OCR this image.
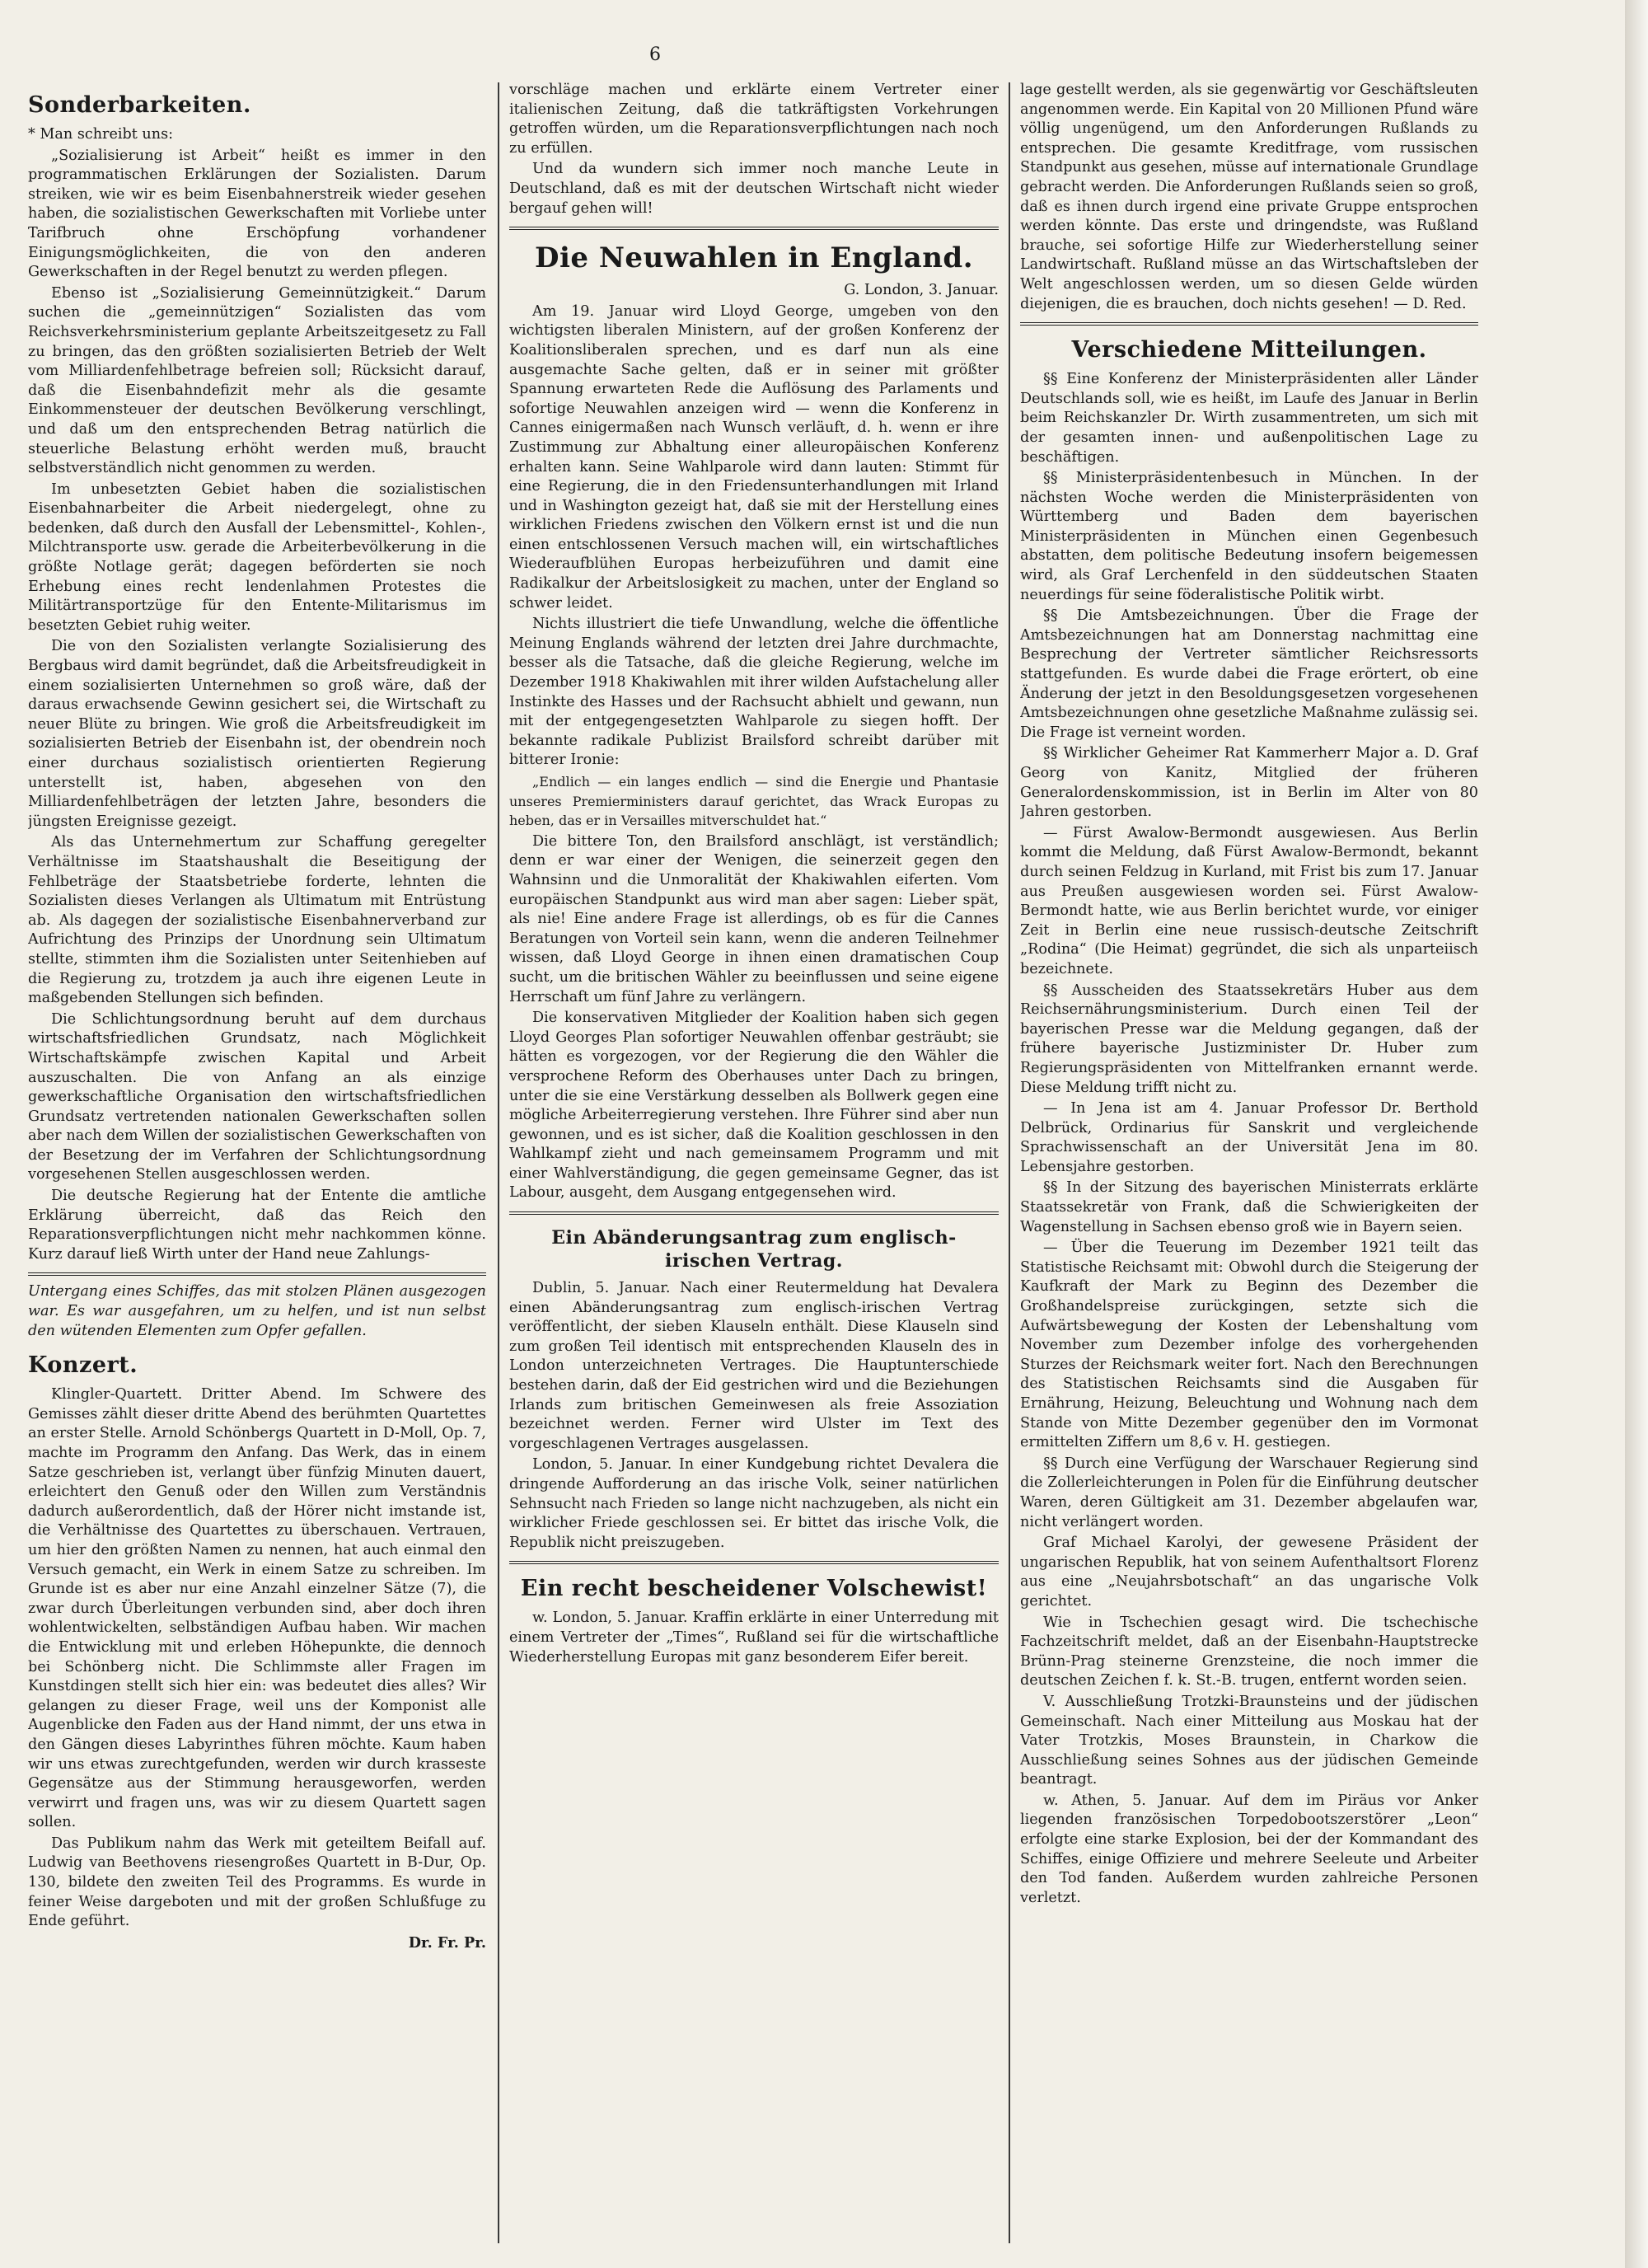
6
Sonderbarkeiten.

* Man schreibt uns:

„Sozialisierung ist Arbeit“ heißt es immer in den programmatischen Erklärungen der Sozialisten. Darum streiken, wie wir es beim Eisenbahnerstreik wieder gesehen haben, die sozialistischen Gewerkschaften mit Vorliebe unter Tarifbruch ohne Erschöpfung vorhandener Einigungsmöglichkeiten, die von den anderen Gewerkschaften in der Regel benutzt zu werden pflegen.

Ebenso ist „Sozialisierung Gemeinnützigkeit.“ Darum suchen die „gemeinnützigen“ Sozialisten das vom Reichsverkehrsministerium geplante Arbeitszeitgesetz zu Fall zu bringen, das den größten sozialisierten Betrieb der Welt vom Milliardenfehlbetrage befreien soll; Rücksicht darauf, daß die Eisenbahndefizit mehr als die gesamte Einkommensteuer der deutschen Bevölkerung verschlingt, und daß um den entsprechenden Betrag natürlich die steuerliche Belastung erhöht werden muß, braucht selbstverständlich nicht genommen zu werden.

Im unbesetzten Gebiet haben die sozialistischen Eisenbahnarbeiter die Arbeit niedergelegt, ohne zu bedenken, daß durch den Ausfall der Lebensmittel-, Kohlen-, Milchtransporte usw. gerade die Arbeiterbevölkerung in die größte Notlage gerät; dagegen beförderten sie noch Erhebung eines recht lendenlahmen Protestes die Militärtransportzüge für den Entente-Militarismus im besetzten Gebiet ruhig weiter.

Die von den Sozialisten verlangte Sozialisierung des Bergbaus wird damit begründet, daß die Arbeitsfreudigkeit in einem sozialisierten Unternehmen so groß wäre, daß der daraus erwachsende Gewinn gesichert sei, die Wirtschaft zu neuer Blüte zu bringen. Wie groß die Arbeitsfreudigkeit im sozialisierten Betrieb der Eisenbahn ist, der obendrein noch einer durchaus sozialistisch orientierten Regierung unterstellt ist, haben, abgesehen von den Milliardenfehlbeträgen der letzten Jahre, besonders die jüngsten Ereignisse gezeigt.

Als das Unternehmertum zur Schaffung geregelter Verhältnisse im Staatshaushalt die Beseitigung der Fehlbeträge der Staatsbetriebe forderte, lehnten die Sozialisten dieses Verlangen als Ultimatum mit Entrüstung ab. Als dagegen der sozialistische Eisenbahnerverband zur Aufrichtung des Prinzips der Unordnung sein Ultimatum stellte, stimmten ihm die Sozialisten unter Seitenhieben auf die Regierung zu, trotzdem ja auch ihre eigenen Leute in maßgebenden Stellungen sich befinden.

Die Schlichtungsordnung beruht auf dem durchaus wirtschaftsfriedlichen Grundsatz, nach Möglichkeit Wirtschaftskämpfe zwischen Kapital und Arbeit auszuschalten. Die von Anfang an als einzige gewerkschaftliche Organisation den wirtschaftsfriedlichen Grundsatz vertretenden nationalen Gewerkschaften sollen aber nach dem Willen der sozialistischen Gewerkschaften von der Besetzung der im Verfahren der Schlichtungsordnung vorgesehenen Stellen ausgeschlossen werden.

Die deutsche Regierung hat der Entente die amtliche Erklärung überreicht, daß das Reich den Reparationsverpflichtungen nicht mehr nachkommen könne. Kurz darauf ließ Wirth unter der Hand neue Zahlungs-

Untergang eines Schiffes, das mit stolzen Plänen ausgezogen war. Es war ausgefahren, um zu helfen, und ist nun selbst den wütenden Elementen zum Opfer gefallen.

Konzert.

Klingler-Quartett. Dritter Abend. Im Schwere des Gemisses zählt dieser dritte Abend des berühmten Quartettes an erster Stelle. Arnold Schönbergs Quartett in D-Moll, Op. 7, machte im Programm den Anfang. Das Werk, das in einem Satze geschrieben ist, verlangt über fünfzig Minuten dauert, erleichtert den Genuß oder den Willen zum Verständnis dadurch außerordentlich, daß der Hörer nicht imstande ist, die Verhältnisse des Quartettes zu überschauen. Vertrauen, um hier den größten Namen zu nennen, hat auch einmal den Versuch gemacht, ein Werk in einem Satze zu schreiben. Im Grunde ist es aber nur eine Anzahl einzelner Sätze (7), die zwar durch Überleitungen verbunden sind, aber doch ihren wohlentwickelten, selbständigen Aufbau haben. Wir machen die Entwicklung mit und erleben Höhepunkte, die dennoch bei Schönberg nicht. Die Schlimmste aller Fragen im Kunstdingen stellt sich hier ein: was bedeutet dies alles? Wir gelangen zu dieser Frage, weil uns der Komponist alle Augenblicke den Faden aus der Hand nimmt, der uns etwa in den Gängen dieses Labyrinthes führen möchte. Kaum haben wir uns etwas zurechtgefunden, werden wir durch krasseste Gegensätze aus der Stimmung herausgeworfen, werden verwirrt und fragen uns, was wir zu diesem Quartett sagen sollen.

Das Publikum nahm das Werk mit geteiltem Beifall auf. Ludwig van Beethovens riesengroßes Quartett in B-Dur, Op. 130, bildete den zweiten Teil des Programms. Es wurde in feiner Weise dargeboten und mit der großen Schlußfuge zu Ende geführt.

Dr. Fr. Pr.

vorschläge machen und erklärte einem Vertreter einer italienischen Zeitung, daß die tatkräftigsten Vorkehrungen getroffen würden, um die Reparationsverpflichtungen nach noch zu erfüllen.

Und da wundern sich immer noch manche Leute in Deutschland, daß es mit der deutschen Wirtschaft nicht wieder bergauf gehen will!

Die Neuwahlen in England.

G. London, 3. Januar.

Am 19. Januar wird Lloyd George, umgeben von den wichtigsten liberalen Ministern, auf der großen Konferenz der Koalitionsliberalen sprechen, und es darf nun als eine ausgemachte Sache gelten, daß er in seiner mit größter Spannung erwarteten Rede die Auflösung des Parlaments und sofortige Neuwahlen anzeigen wird — wenn die Konferenz in Cannes einigermaßen nach Wunsch verläuft, d. h. wenn er ihre Zustimmung zur Abhaltung einer alleuropäischen Konferenz erhalten kann. Seine Wahlparole wird dann lauten: Stimmt für eine Regierung, die in den Friedensunterhandlungen mit Irland und in Washington gezeigt hat, daß sie mit der Herstellung eines wirklichen Friedens zwischen den Völkern ernst ist und die nun einen entschlossenen Versuch machen will, ein wirtschaftliches Wiederaufblühen Europas herbeizuführen und damit eine Radikalkur der Arbeitslosigkeit zu machen, unter der England so schwer leidet.

Nichts illustriert die tiefe Unwandlung, welche die öffentliche Meinung Englands während der letzten drei Jahre durchmachte, besser als die Tatsache, daß die gleiche Regierung, welche im Dezember 1918 Khakiwahlen mit ihrer wilden Aufstachelung aller Instinkte des Hasses und der Rachsucht abhielt und gewann, nun mit der entgegengesetzten Wahlparole zu siegen hofft. Der bekannte radikale Publizist Brailsford schreibt darüber mit bitterer Ironie:

„Endlich — ein langes endlich — sind die Energie und Phantasie unseres Premierministers darauf gerichtet, das Wrack Europas zu heben, das er in Versailles mitverschuldet hat.“

Die bittere Ton, den Brailsford anschlägt, ist verständlich; denn er war einer der Wenigen, die seinerzeit gegen den Wahnsinn und die Unmoralität der Khakiwahlen eiferten. Vom europäischen Standpunkt aus wird man aber sagen: Lieber spät, als nie! Eine andere Frage ist allerdings, ob es für die Cannes Beratungen von Vorteil sein kann, wenn die anderen Teilnehmer wissen, daß Lloyd George in ihnen einen dramatischen Coup sucht, um die britischen Wähler zu beeinflussen und seine eigene Herrschaft um fünf Jahre zu verlängern.

Die konservativen Mitglieder der Koalition haben sich gegen Lloyd Georges Plan sofortiger Neuwahlen offenbar gesträubt; sie hätten es vorgezogen, vor der Regierung die den Wähler die versprochene Reform des Oberhauses unter Dach zu bringen, unter die sie eine Verstärkung desselben als Bollwerk gegen eine mögliche Arbeiterregierung verstehen. Ihre Führer sind aber nun gewonnen, und es ist sicher, daß die Koalition geschlossen in den Wahlkampf zieht und nach gemeinsamem Programm und mit einer Wahlverständigung, die gegen gemeinsame Gegner, das ist Labour, ausgeht, dem Ausgang entgegensehen wird.

Ein Abänderungsantrag zum englisch-irischen Vertrag.

Dublin, 5. Januar. Nach einer Reutermeldung hat Devalera einen Abänderungsantrag zum englisch-irischen Vertrag veröffentlicht, der sieben Klauseln enthält. Diese Klauseln sind zum großen Teil identisch mit entsprechenden Klauseln des in London unterzeichneten Vertrages. Die Hauptunterschiede bestehen darin, daß der Eid gestrichen wird und die Beziehungen Irlands zum britischen Gemeinwesen als freie Assoziation bezeichnet werden. Ferner wird Ulster im Text des vorgeschlagenen Vertrages ausgelassen.

London, 5. Januar. In einer Kundgebung richtet Devalera die dringende Aufforderung an das irische Volk, seiner natürlichen Sehnsucht nach Frieden so lange nicht nachzugeben, als nicht ein wirklicher Friede geschlossen sei. Er bittet das irische Volk, die Republik nicht preiszugeben.

Ein recht bescheidener Volschewist!

w. London, 5. Januar. Kraffin erklärte in einer Unterredung mit einem Vertreter der „Times“, Rußland sei für die wirtschaftliche Wiederherstellung Europas mit ganz besonderem Eifer bereit.

lage gestellt werden, als sie gegenwärtig vor Geschäftsleuten angenommen werde. Ein Kapital von 20 Millionen Pfund wäre völlig ungenügend, um den Anforderungen Rußlands zu entsprechen. Die gesamte Kreditfrage, vom russischen Standpunkt aus gesehen, müsse auf internationale Grundlage gebracht werden. Die Anforderungen Rußlands seien so groß, daß es ihnen durch irgend eine private Gruppe entsprochen werden könnte. Das erste und dringendste, was Rußland brauche, sei sofortige Hilfe zur Wiederherstellung seiner Landwirtschaft. Rußland müsse an das Wirtschaftsleben der Welt angeschlossen werden, um so diesen Gelde würden diejenigen, die es brauchen, doch nichts gesehen! — D. Red.

Verschiedene Mitteilungen.

§§ Eine Konferenz der Ministerpräsidenten aller Länder Deutschlands soll, wie es heißt, im Laufe des Januar in Berlin beim Reichskanzler Dr. Wirth zusammentreten, um sich mit der gesamten innen- und außenpolitischen Lage zu beschäftigen.

§§ Ministerpräsidentenbesuch in München. In der nächsten Woche werden die Ministerpräsidenten von Württemberg und Baden dem bayerischen Ministerpräsidenten in München einen Gegenbesuch abstatten, dem politische Bedeutung insofern beigemessen wird, als Graf Lerchenfeld in den süddeutschen Staaten neuerdings für seine föderalistische Politik wirbt.

§§ Die Amtsbezeichnungen. Über die Frage der Amtsbezeichnungen hat am Donnerstag nachmittag eine Besprechung der Vertreter sämtlicher Reichsressorts stattgefunden. Es wurde dabei die Frage erörtert, ob eine Änderung der jetzt in den Besoldungsgesetzen vorgesehenen Amtsbezeichnungen ohne gesetzliche Maßnahme zulässig sei. Die Frage ist verneint worden.

§§ Wirklicher Geheimer Rat Kammerherr Major a. D. Graf Georg von Kanitz, Mitglied der früheren Generalordenskommission, ist in Berlin im Alter von 80 Jahren gestorben.

— Fürst Awalow-Bermondt ausgewiesen. Aus Berlin kommt die Meldung, daß Fürst Awalow-Bermondt, bekannt durch seinen Feldzug in Kurland, mit Frist bis zum 17. Januar aus Preußen ausgewiesen worden sei. Fürst Awalow-Bermondt hatte, wie aus Berlin berichtet wurde, vor einiger Zeit in Berlin eine neue russisch-deutsche Zeitschrift „Rodina“ (Die Heimat) gegründet, die sich als unparteiisch bezeichnete.

§§ Ausscheiden des Staatssekretärs Huber aus dem Reichsernährungsministerium. Durch einen Teil der bayerischen Presse war die Meldung gegangen, daß der frühere bayerische Justizminister Dr. Huber zum Regierungspräsidenten von Mittelfranken ernannt werde. Diese Meldung trifft nicht zu.

— In Jena ist am 4. Januar Professor Dr. Berthold Delbrück, Ordinarius für Sanskrit und vergleichende Sprachwissenschaft an der Universität Jena im 80. Lebensjahre gestorben.

§§ In der Sitzung des bayerischen Ministerrats erklärte Staatssekretär von Frank, daß die Schwierigkeiten der Wagenstellung in Sachsen ebenso groß wie in Bayern seien.

— Über die Teuerung im Dezember 1921 teilt das Statistische Reichsamt mit: Obwohl durch die Steigerung der Kaufkraft der Mark zu Beginn des Dezember die Großhandelspreise zurückgingen, setzte sich die Aufwärtsbewegung der Kosten der Lebenshaltung vom November zum Dezember infolge des vorhergehenden Sturzes der Reichsmark weiter fort. Nach den Berechnungen des Statistischen Reichsamts sind die Ausgaben für Ernährung, Heizung, Beleuchtung und Wohnung nach dem Stande von Mitte Dezember gegenüber den im Vormonat ermittelten Ziffern um 8,6 v. H. gestiegen.

§§ Durch eine Verfügung der Warschauer Regierung sind die Zollerleichterungen in Polen für die Einführung deutscher Waren, deren Gültigkeit am 31. Dezember abgelaufen war, nicht verlängert worden.

Graf Michael Karolyi, der gewesene Präsident der ungarischen Republik, hat von seinem Aufenthaltsort Florenz aus eine „Neujahrsbotschaft“ an das ungarische Volk gerichtet.

Wie in Tschechien gesagt wird. Die tschechische Fachzeitschrift meldet, daß an der Eisenbahn-Hauptstrecke Brünn-Prag steinerne Grenzsteine, die noch immer die deutschen Zeichen f. k. St.-B. trugen, entfernt worden seien.

V. Ausschließung Trotzki-Braunsteins und der jüdischen Gemeinschaft. Nach einer Mitteilung aus Moskau hat der Vater Trotzkis, Moses Braunstein, in Charkow die Ausschließung seines Sohnes aus der jüdischen Gemeinde beantragt.

w. Athen, 5. Januar. Auf dem im Piräus vor Anker liegenden französischen Torpedobootszerstörer „Leon“ erfolgte eine starke Explosion, bei der der Kommandant des Schiffes, einige Offiziere und mehrere Seeleute und Arbeiter den Tod fanden. Außerdem wurden zahlreiche Personen verletzt.
